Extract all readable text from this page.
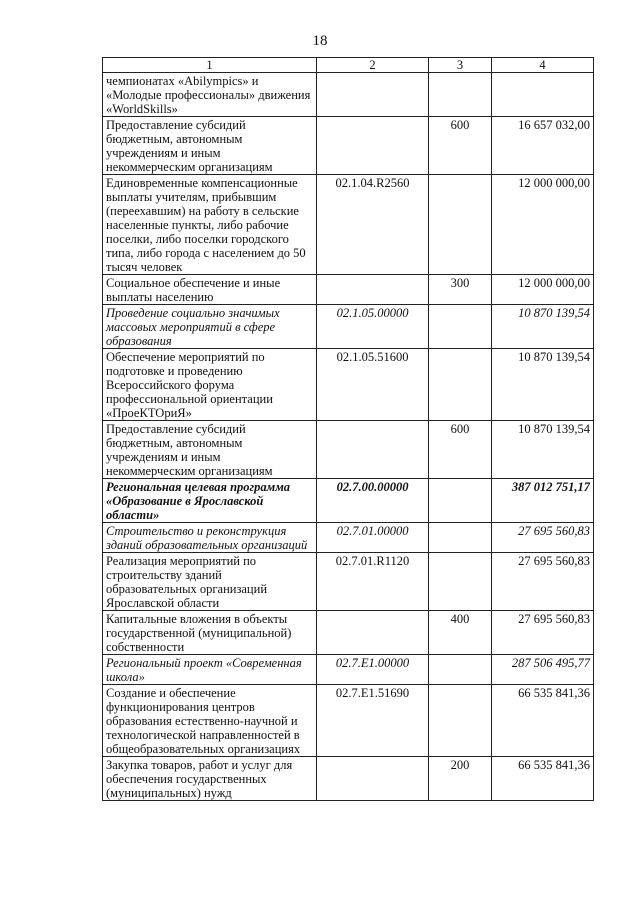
18
1	2	3	4
чемпионатах «Abilympics» и «Молодые профессионалы» движения «WorldSkills»			
Предоставление субсидий бюджетным, автономным учреждениям и иным некоммерческим организациям		600	16 657 032,00
Единовременные компенсационные выплаты учителям, прибывшим (переехавшим) на работу в сельские населенные пункты, либо рабочие поселки, либо поселки городского типа, либо города с населением до 50 тысяч человек	02.1.04.R2560		12 000 000,00
Социальное обеспечение и иные выплаты населению		300	12 000 000,00
Проведение социально значимых массовых мероприятий в сфере образования	02.1.05.00000		10 870 139,54
Обеспечение мероприятий по подготовке и проведению Всероссийского форума профессиональной ориентации «ПроеКТОриЯ»	02.1.05.51600		10 870 139,54
Предоставление субсидий бюджетным, автономным учреждениям и иным некоммерческим организациям		600	10 870 139,54
Региональная целевая программа «Образование в Ярославской области»	02.7.00.00000		387 012 751,17
Строительство и реконструкция зданий образовательных организаций	02.7.01.00000		27 695 560,83
Реализация мероприятий по строительству зданий образовательных организаций Ярославской области	02.7.01.R1120		27 695 560,83
Капитальные вложения в объекты государственной (муниципальной) собственности		400	27 695 560,83
Региональный проект «Современная школа»	02.7.E1.00000		287 506 495,77
Создание и обеспечение функционирования центров образования естественно-научной и технологической направленностей в общеобразовательных организациях	02.7.E1.51690		66 535 841,36
Закупка товаров, работ и услуг для обеспечения государственных (муниципальных) нужд		200	66 535 841,36
